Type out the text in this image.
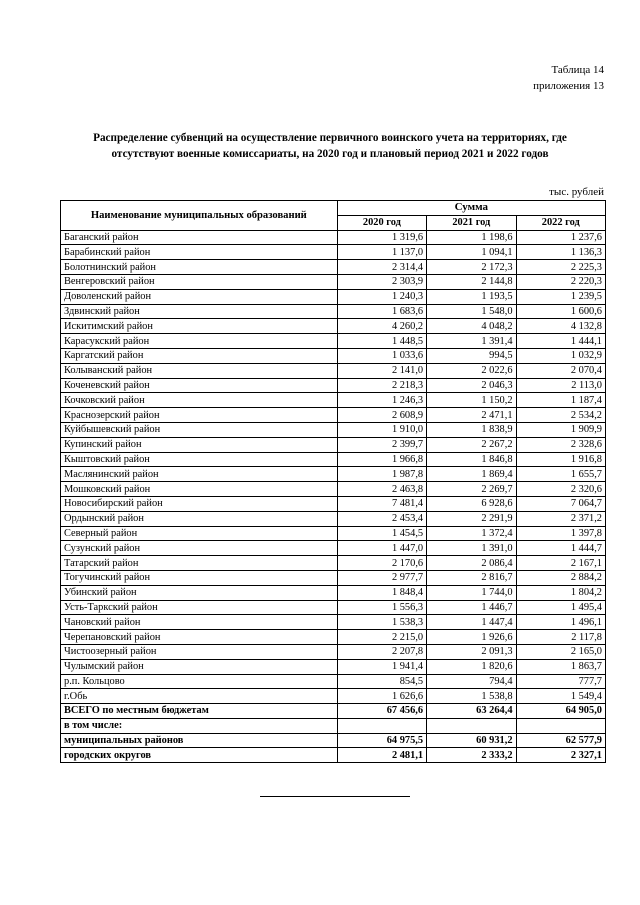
Таблица 14
приложения 13
Распределение субвенций на осуществление первичного воинского учета на территориях, где
отсутствуют военные комиссариаты, на 2020 год и плановый период 2021 и 2022 годов
тыс. рублей
Наименование муниципальных образований	Сумма		
	2020 год	2021 год	2022 год
Баганский район	1 319,6	1 198,6	1 237,6
Барабинский район	1 137,0	1 094,1	1 136,3
Болотнинский район	2 314,4	2 172,3	2 225,3
Венгеровский район	2 303,9	2 144,8	2 220,3
Доволенский район	1 240,3	1 193,5	1 239,5
Здвинский район	1 683,6	1 548,0	1 600,6
Искитимский район	4 260,2	4 048,2	4 132,8
Карасукский район	1 448,5	1 391,4	1 444,1
Каргатский район	1 033,6	994,5	1 032,9
Колыванский район	2 141,0	2 022,6	2 070,4
Коченевский район	2 218,3	2 046,3	2 113,0
Кочковский район	1 246,3	1 150,2	1 187,4
Краснозерский район	2 608,9	2 471,1	2 534,2
Куйбышевский район	1 910,0	1 838,9	1 909,9
Купинский район	2 399,7	2 267,2	2 328,6
Кыштовский район	1 966,8	1 846,8	1 916,8
Маслянинский район	1 987,8	1 869,4	1 655,7
Мошковский район	2 463,8	2 269,7	2 320,6
Новосибирский район	7 481,4	6 928,6	7 064,7
Ордынский район	2 453,4	2 291,9	2 371,2
Северный район	1 454,5	1 372,4	1 397,8
Сузунский район	1 447,0	1 391,0	1 444,7
Татарский район	2 170,6	2 086,4	2 167,1
Тогучинский район	2 977,7	2 816,7	2 884,2
Убинский район	1 848,4	1 744,0	1 804,2
Усть-Таркский район	1 556,3	1 446,7	1 495,4
Чановский район	1 538,3	1 447,4	1 496,1
Черепановский район	2 215,0	1 926,6	2 117,8
Чистоозерный район	2 207,8	2 091,3	2 165,0
Чулымский район	1 941,4	1 820,6	1 863,7
р.п. Кольцово	854,5	794,4	777,7
г.Обь	1 626,6	1 538,8	1 549,4
ВСЕГО по местным бюджетам	67 456,6	63 264,4	64 905,0
в том числе:			
муниципальных районов	64 975,5	60 931,2	62 577,9
городских округов	2 481,1	2 333,2	2 327,1
